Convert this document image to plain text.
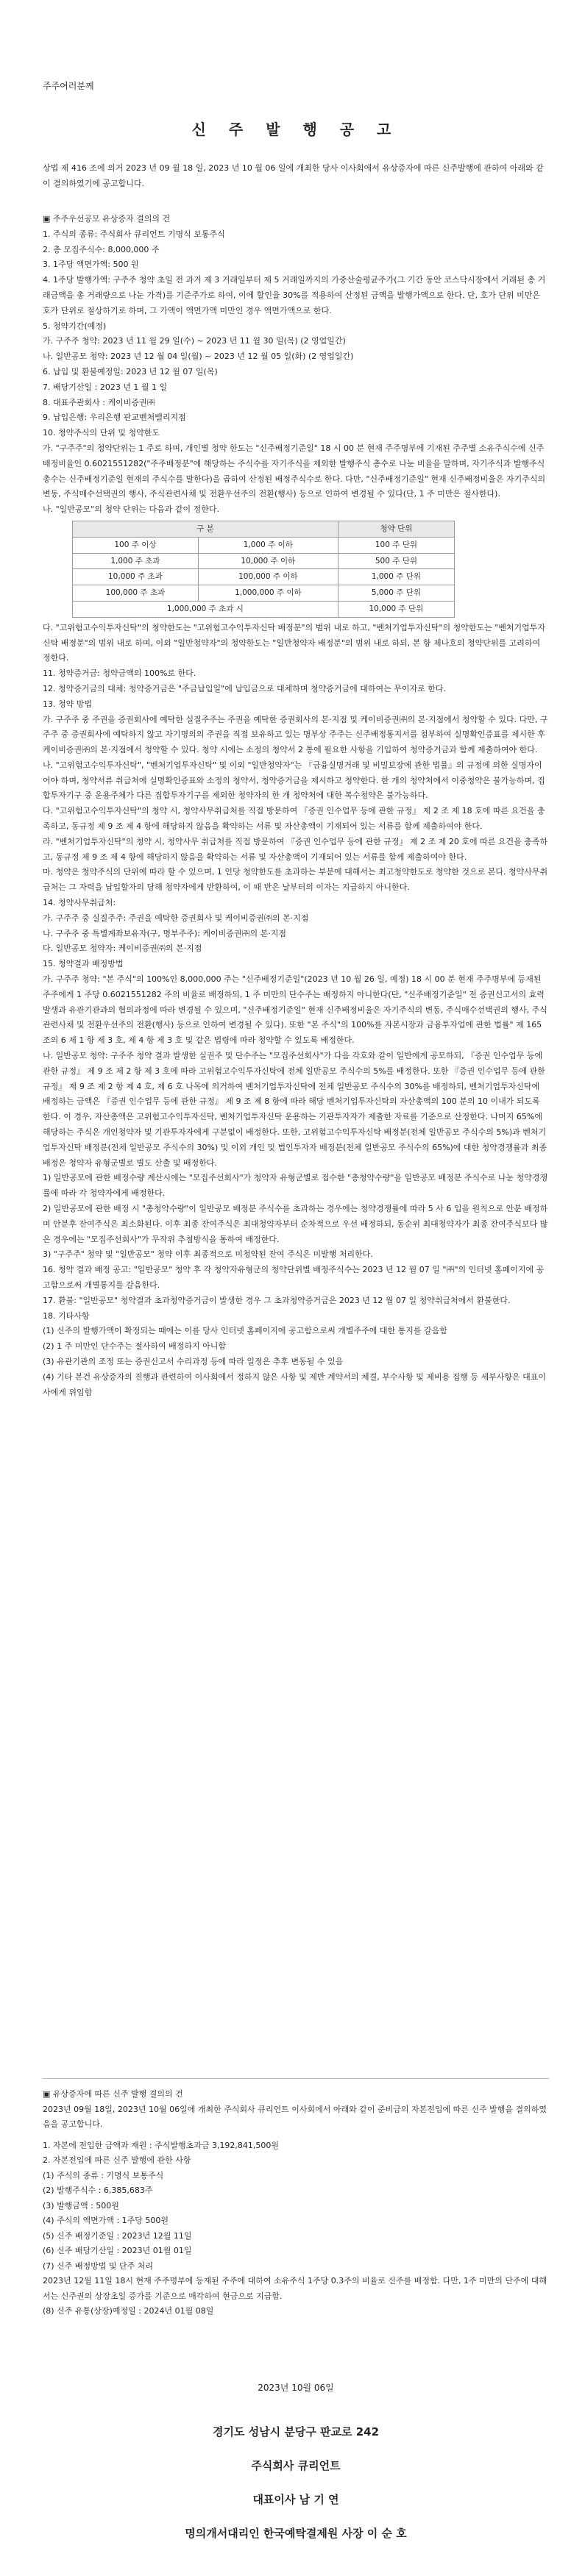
주주여러분께
신 주 발 행 공 고
상법 제 416 조에 의거 2023 년 09 월 18 일, 2023 년 10 월 06 일에 개최한 당사 이사회에서 유상증자에 따른 신주발행에 관하여 아래와 같이 결의하였기에 공고합니다.

▣ 주주우선공모 유상증자 결의의 건

1. 주식의 종류: 주식회사 큐리언트 기명식 보통주식

2. 총 모집주식수: 8,000,000 주

3. 1주당 액면가액: 500 원

4. 1주당 발행가액: 구주주 청약 초일 전 과거 제 3 거래일부터 제 5 거래일까지의 가중산술평균주가(그 기간 동안 코스닥시장에서 거래된 총 거래금액을 총 거래량으로 나눈 가격)를 기준주가로 하여, 이에 할인율 30%를 적용하여 산정된 금액을 발행가액으로 한다. 단, 호가 단위 미만은 호가 단위로 절상하기로 하며, 그 가액이 액면가액 미만인 경우 액면가액으로 한다.

5. 청약기간(예정)

가. 구주주 청약: 2023 년 11 월 29 일(수) ~ 2023 년 11 월 30 일(목) (2 영업일간)

나. 일반공모 청약: 2023 년 12 월 04 일(월) ~ 2023 년 12 월 05 일(화) (2 영업일간)

6. 납입 및 환불예정일: 2023 년 12 월 07 일(목)

7. 배당기산일 : 2023 년 1 월 1 일

8. 대표주관회사 : 케이비증권㈜

9. 납입은행: 우리은행 판교벤처밸리지점

10. 청약주식의 단위 및 청약한도

가. "구주주"의 청약단위는 1 주로 하며, 개인별 청약 한도는 "신주배정기준일" 18 시 00 분 현재 주주명부에 기재된 주주별 소유주식수에 신주배정비율인 0.6021551282("주주배정분"에 해당하는 주식수를 자기주식을 제외한 발행주식 총수로 나눈 비율을 말하며, 자기주식과 발행주식총수는 신주배정기준일 현재의 주식수를 말한다)을 곱하여 산정된 배정주식수로 한다. 다만, "신주배정기준일" 현재 신주배정비율은 자기주식의 변동, 주식매수선택권의 행사, 주식관련사채 및 전환우선주의 전환(행사) 등으로 인하여 변경될 수 있다(단, 1 주 미만은 절사한다).

나. "일반공모"의 청약 단위는 다음과 같이 정한다.

구 분		청약 단위
100 주 이상	1,000 주 이하	100 주 단위
1,000 주 초과	10,000 주 이하	500 주 단위
10,000 주 초과	100,000 주 이하	1,000 주 단위
100,000 주 초과	1,000,000 주 이하	5,000 주 단위
1,000,000 주 초과 시		10,000 주 단위

다. "고위험고수익투자신탁"의 청약한도는 "고위험고수익투자신탁 배정분"의 범위 내로 하고, "벤처기업투자신탁"의 청약한도는 "벤처기업투자신탁 배정분"의 범위 내로 하며, 이외 "일반청약자"의 청약한도는 "일반청약자 배정분"의 범위 내로 하되, 본 항 제나호의 청약단위를 고려하여 정한다.

11. 청약증거금: 청약금액의 100%로 한다.

12. 청약증거금의 대체: 청약증거금은 "주금납입일"에 납입금으로 대체하며 청약증거금에 대하여는 무이자로 한다.

13. 청약 방법

가. 구주주 중 주권을 증권회사에 예탁한 실질주주는 주권을 예탁한 증권회사의 본·지점 및 케이비증권㈜의 본·지점에서 청약할 수 있다. 다만, 구주주 중 증권회사에 예탁하지 않고 자기명의의 주권을 직접 보유하고 있는 명부상 주주는 신주배정통지서를 첨부하여 실명확인증표를 제시한 후 케이비증권㈜의 본·지점에서 청약할 수 있다. 청약 시에는 소정의 청약서 2 통에 필요한 사항을 기입하여 청약증거금과 함께 제출하여야 한다.

나. "고위험고수익투자신탁", "벤처기업투자신탁" 및 이외 "일반청약자"는 『금융실명거래 및 비밀보장에 관한 법률』의 규정에 의한 실명자이어야 하며, 청약서류 취급처에 실명확인증표와 소정의 청약서, 청약증거금을 제시하고 청약한다. 한 개의 청약처에서 이중청약은 불가능하며, 집합투자기구 중 운용주체가 다른 집합투자기구를 제외한 청약자의 한 개 청약처에 대한 복수청약은 불가능하다.

다. "고위험고수익투자신탁"의 청약 시, 청약사무취급처를 직접 방문하여 『증권 인수업무 등에 관한 규정』 제 2 조 제 18 호에 따른 요건을 충족하고, 동규정 제 9 조 제 4 항에 해당하지 않음을 확약하는 서류 및 자산총액이 기재되어 있는 서류를 함께 제출하여야 한다.

라. "벤처기업투자신탁"의 청약 시, 청약사무 취급처를 직접 방문하여 『증권 인수업무 등에 관한 규정』 제 2 조 제 20 호에 따른 요건을 충족하고, 동규정 제 9 조 제 4 항에 해당하지 않음을 확약하는 서류 및 자산총액이 기재되어 있는 서류를 함께 제출하여야 한다.

마. 청약은 청약주식의 단위에 따라 할 수 있으며, 1 인당 청약한도를 초과하는 부분에 대해서는 최고청약한도로 청약한 것으로 본다. 청약사무취급처는 그 자력을 납입할자의 당해 청약자에게 반환하여, 이 때 반은 날부터의 이자는 지급하지 아니한다.

14. 청약사무취급처:

가. 구주주 중 실질주주: 주권을 예탁한 증권회사 및 케이비증권㈜의 본·지점

나. 구주주 중 특별계좌보유자(구, 명부주주): 케이비증권㈜의 본·지점

다. 일반공모 청약자: 케이비증권㈜의 본·지점

15. 청약결과 배정방법

가. 구주주 청약: "본 주식"의 100%인 8,000,000 주는 "신주배정기준일"(2023 년 10 월 26 일, 예정) 18 시 00 분 현재 주주명부에 등재된 주주에게 1 주당 0.6021551282 주의 비율로 배정하되, 1 주 미만의 단수주는 배정하지 아니한다(단, "신주배정기준일" 전 증권신고서의 효력 발생과 유관기관과의 협의과정에 따라 변경될 수 있으며, "신주배정기준일" 현재 신주배정비율은 자기주식의 변동, 주식매수선택권의 행사, 주식관련사채 및 전환우선주의 전환(행사) 등으로 인하여 변경될 수 있다). 또한 "본 주식"의 100%를 자본시장과 금융투자업에 관한 법률" 제 165 조의 6 제 1 항 제 3 호, 제 4 항 제 3 호 및 같은 법령에 따라 청약할 수 있도록 배정한다.

나. 일반공모 청약: 구주주 청약 결과 발생한 실권주 및 단수주는 "모집주선회사"가 다음 각호와 같이 일반에게 공모하되, 『증권 인수업무 등에 관한 규정』 제 9 조 제 2 항 제 3 호에 따라 고위험고수익투자신탁에 전체 일반공모 주식수의 5%를 배정한다. 또한 『증권 인수업무 등에 관한 규정』 제 9 조 제 2 항 제 4 호, 제 6 호 나목에 의거하여 벤처기업투자신탁에 전체 일반공모 주식수의 30%를 배정하되, 벤처기업투자신탁에 배정하는 금액은 『증권 인수업무 등에 관한 규정』 제 9 조 제 8 항에 따라 해당 벤처기업투자신탁의 자산총액의 100 분의 10 이내가 되도록 한다. 이 경우, 자산총액은 고위험고수익투자신탁, 벤처기업투자신탁 운용하는 기관투자자가 제출한 자료를 기준으로 산정한다. 나머지 65%에 해당하는 주식은 개인청약자 및 기관투자자에게 구분없이 배정한다. 또한, 고위험고수익투자신탁 배정분(전체 일반공모 주식수의 5%)과 벤처기업투자신탁 배정분(전체 일반공모 주식수의 30%) 및 이외 개인 및 법인투자자 배정분(전체 일반공모 주식수의 65%)에 대한 청약경쟁률과 최종 배정은 청약자 유형군별로 별도 산출 및 배정한다.

1) 일반공모에 관한 배정수량 계산시에는 "모집주선회사"가 청약자 유형군별로 접수한 "총청약수량"을 일반공모 배정분 주식수로 나눈 청약경쟁률에 따라 각 청약자에게 배정한다.

2) 일반공모에 관한 배정 시 "총청약수량"이 일반공모 배정분 주식수를 초과하는 경우에는 청약경쟁률에 따라 5 사 6 입을 원칙으로 안분 배정하며 안분후 잔여주식은 최소화된다. 이후 최종 잔여주식은 최대청약자부터 순차적으로 우선 배정하되, 동순위 최대청약자가 최종 잔여주식보다 많은 경우에는 "모집주선회사"가 무작위 추첨방식을 통하여 배정한다.

3) "구주주" 청약 및 "일반공모" 청약 이후 최종적으로 미청약된 잔여 주식은 미발행 처리한다.

16. 청약 결과 배정 공고: "일반공모" 청약 후 각 청약자유형군의 청약단위별 배정주식수는 2023 년 12 월 07 일 "㈜"의 인터넷 홈페이지에 공고함으로써 개별통지를 갈음한다.

17. 환불: "일반공모" 청약결과 초과청약증거금이 발생한 경우 그 초과청약증거금은 2023 년 12 월 07 일 청약취급처에서 환불한다.

18. 기타사항

(1) 신주의 발행가액이 확정되는 때에는 이를 당사 인터넷 홈페이지에 공고함으로써 개별주주에 대한 통지를 갈음함

(2) 1 주 미만인 단수주는 절사하여 배정하지 아니함

(3) 유관기관의 조정 또는 증권신고서 수리과정 등에 따라 일정은 추후 변동될 수 있음

(4) 기타 본건 유상증자의 진행과 관련하여 이사회에서 정하지 않은 사항 및 제반 계약서의 체결, 부수사항 및 제비용 집행 등 세부사항은 대표이사에게 위임함

▣ 유상증자에 따른 신주 발행 결의의 건

2023년 09월 18일, 2023년 10월 06일에 개최한 주식회사 큐리언트 이사회에서 아래와 같이 준비금의 자본전입에 따른 신주 발행을 결의하였음을 공고합니다.

1. 자본에 전입한 금액과 재원 : 주식발행초과금 3,192,841,500원

2. 자본전입에 따른 신주 발행에 관한 사항

(1) 주식의 종류 : 기명식 보통주식

(2) 발행주식수 : 6,385,683주

(3) 발행금액 : 500원

(4) 주식의 액면가액 : 1주당 500원

(5) 신주 배정기준일 : 2023년 12월 11일

(6) 신주 배당기산일 : 2023년 01월 01일

(7) 신주 배정방법 및 단주 처리

2023년 12월 11일 18시 현재 주주명부에 등재된 주주에 대하여 소유주식 1주당 0.3주의 비율로 신주를 배정함. 다만, 1주 미만의 단주에 대해서는 신주권의 상장초일 증가를 기준으로 매각하여 현금으로 지급함.

(8) 신주 유통(상장)예정일 : 2024년 01월 08일

2023년 10월 06일
경기도 성남시 분당구 판교로 242
주식회사 큐리언트
대표이사 남 기 연
명의개서대리인 한국예탁결제원 사장 이 순 호
